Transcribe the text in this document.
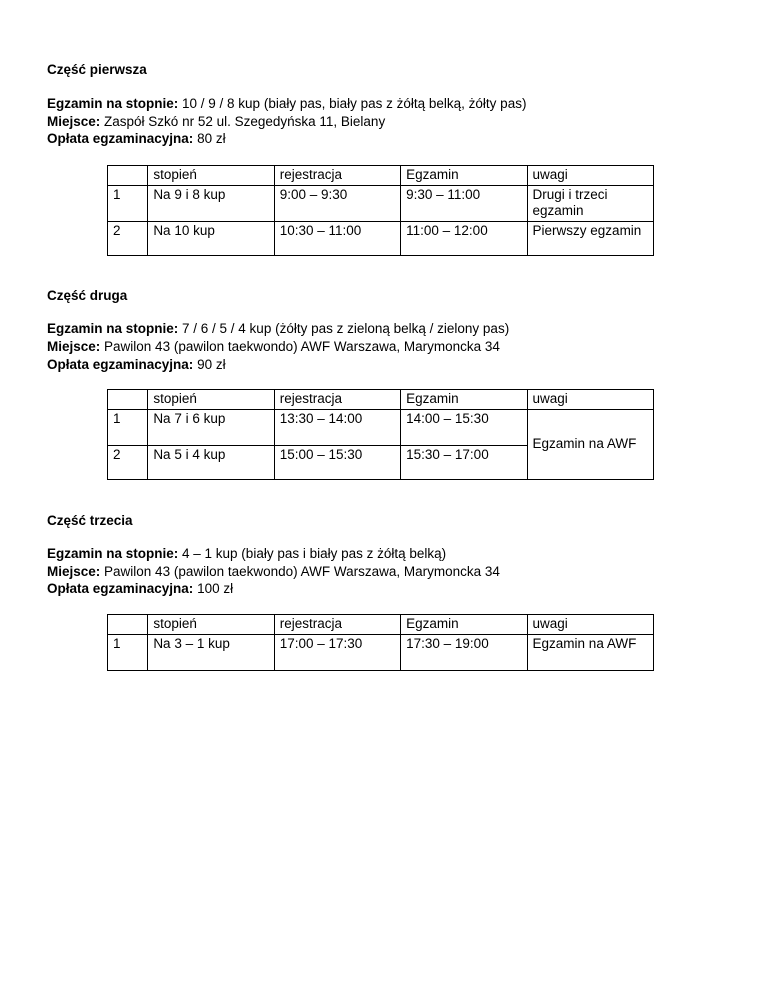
Część pierwsza
Egzamin na stopnie: 10 / 9 / 8 kup (biały pas, biały pas z żółtą belką, żółty pas)
Miejsce: Zaspół Szkó nr 52 ul. Szegedyńska 11, Bielany
Opłata egzaminacyjna: 80 zł
	stopień	rejestracja	Egzamin	uwagi
1	Na 9 i 8 kup	9:00 – 9:30	9:30 – 11:00	Drugi i trzeci egzamin
2	Na 10 kup	10:30 – 11:00	11:00 – 12:00	Pierwszy egzamin
Część druga
Egzamin na stopnie: 7 / 6 / 5 / 4 kup (żółty pas z zieloną belką / zielony pas)
Miejsce: Pawilon 43 (pawilon taekwondo) AWF Warszawa, Marymoncka 34
Opłata egzaminacyjna: 90 zł
	stopień	rejestracja	Egzamin	uwagi
1	Na 7 i 6 kup	13:30 – 14:00	14:00 – 15:30	Egzamin na AWF
2	Na 5 i 4 kup	15:00 – 15:30	15:30 – 17:00	
Część trzecia
Egzamin na stopnie: 4 – 1 kup (biały pas i biały pas z żółtą belką)
Miejsce: Pawilon 43 (pawilon taekwondo) AWF Warszawa, Marymoncka 34
Opłata egzaminacyjna: 100 zł
	stopień	rejestracja	Egzamin	uwagi
1	Na 3 – 1 kup	17:00 – 17:30	17:30 – 19:00	Egzamin na AWF
